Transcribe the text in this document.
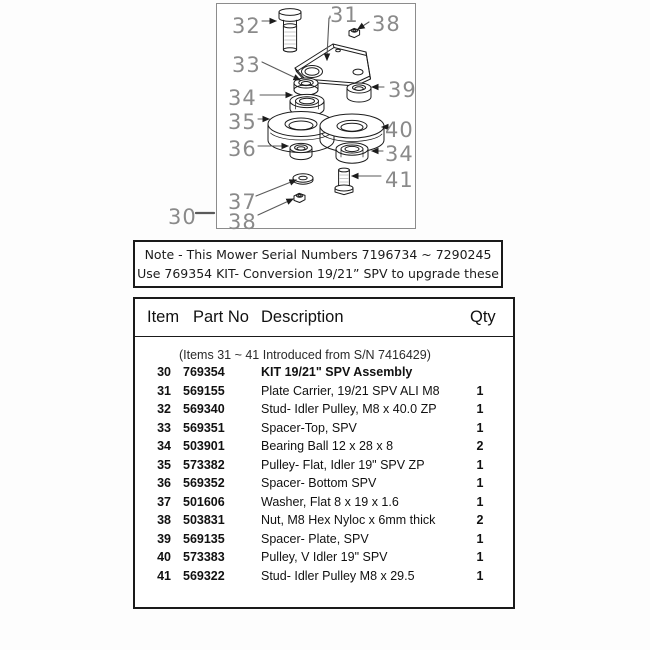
32	31 38
33
39
34
35	40
36	34
41
37
38
30
Note - This Mower Serial Numbers 7196734 ~ 7290245
Use 769354 KIT- Conversion 19/21” SPV to upgrade these
Item Part No Description	Qty
(Items 31 ~ 41 Introduced from S/N 7416429)
30 769354	KIT 19/21" SPV Assembly
31 569155	Plate Carrier, 19/21 SPV ALI M8	1
32 569340	Stud- Idler Pulley, M8 x 40.0 ZP	1
33 569351	Spacer-Top, SPV	1
34 503901	Bearing Ball 12 x 28 x 8	2
35 573382	Pulley- Flat, Idler 19" SPV ZP	1
36 569352	Spacer- Bottom SPV	1
37 501606	Washer, Flat 8 x 19 x 1.6	1
38 503831	Nut, M8 Hex Nyloc x 6mm thick	2
39 569135	Spacer- Plate, SPV	1
40 573383	Pulley, V Idler 19" SPV	1
41 569322	Stud- Idler Pulley M8 x 29.5	1
